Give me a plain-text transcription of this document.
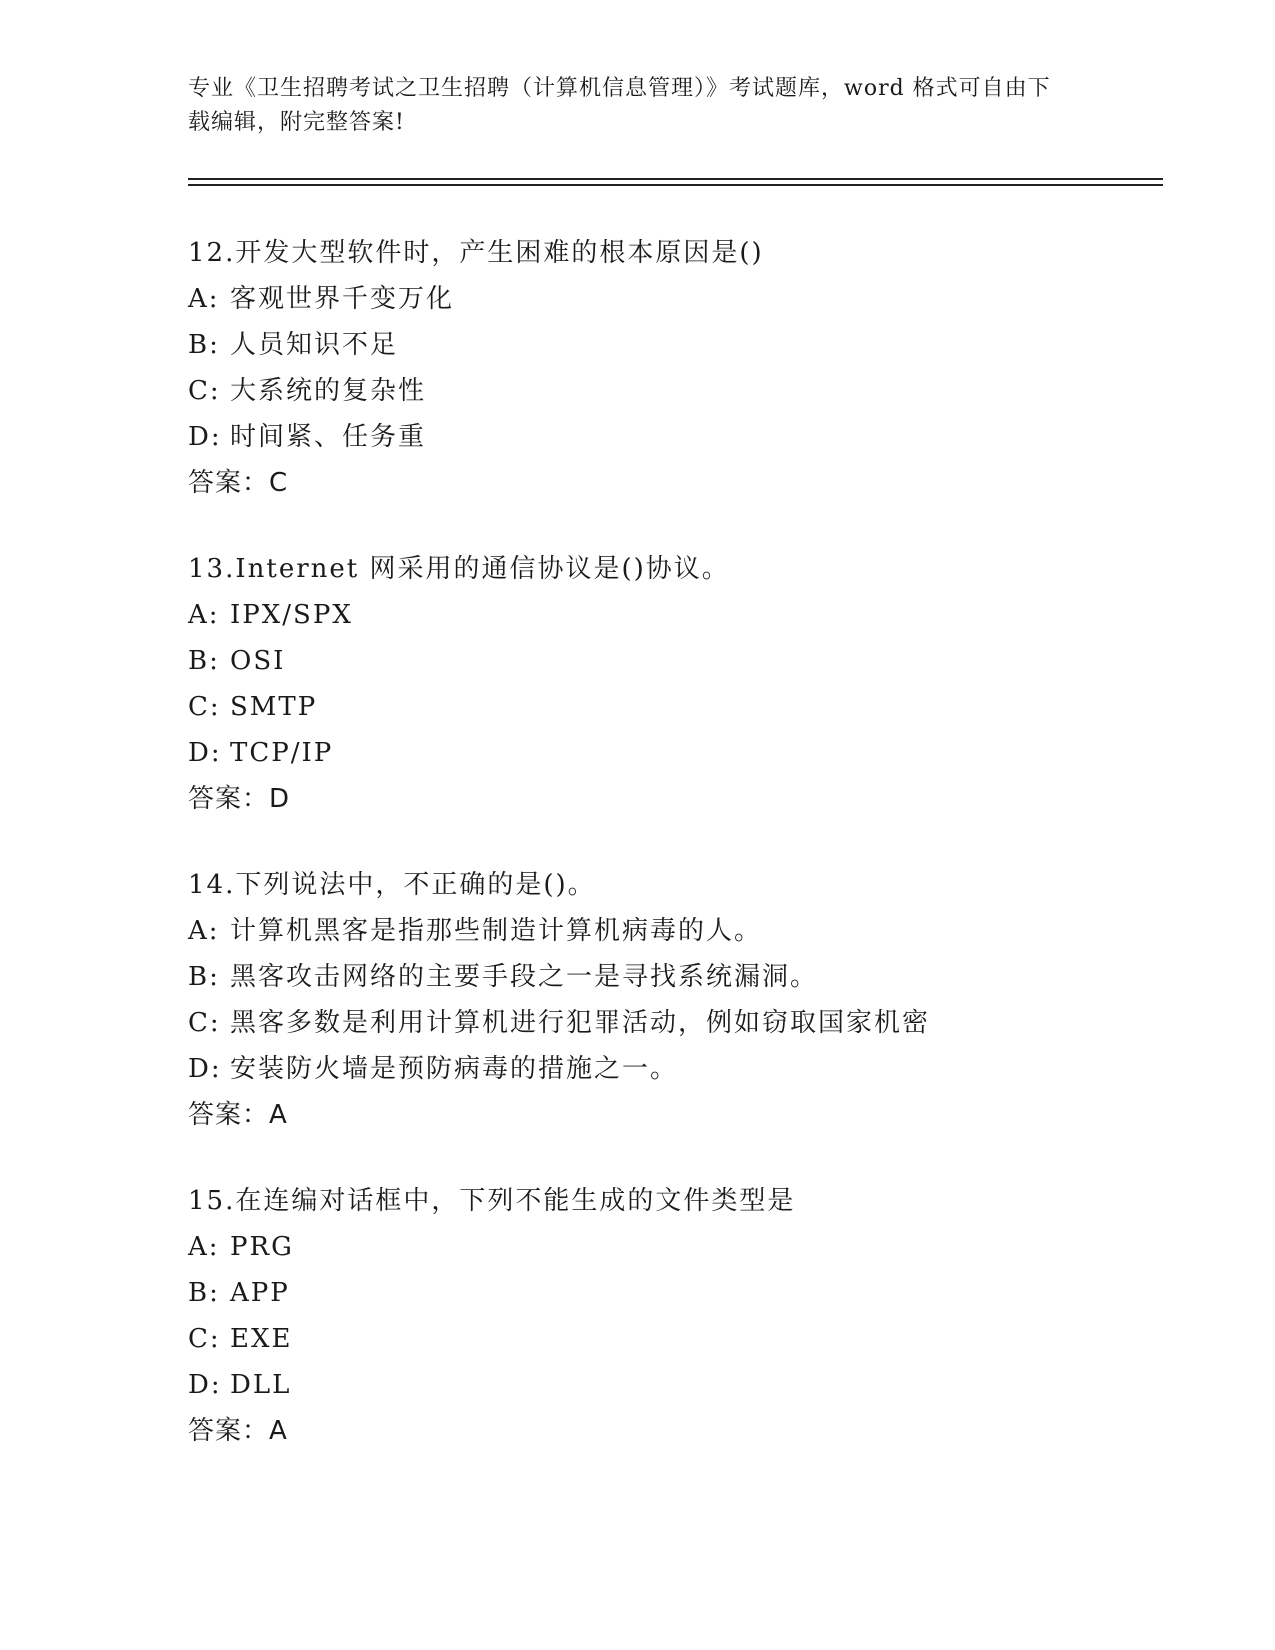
专业《卫生招聘考试之卫生招聘（计算机信息管理）》考试题库，word 格式可自由下载编辑，附完整答案!
12.开发大型软件时，产生困难的根本原因是()
A: 客观世界千变万化
B: 人员知识不足
C: 大系统的复杂性
D: 时间紧、任务重
答案：C
13.Internet 网采用的通信协议是()协议。
A: IPX/SPX
B: OSI
C: SMTP
D: TCP/IP
答案：D
14.下列说法中，不正确的是()。
A: 计算机黑客是指那些制造计算机病毒的人。
B: 黑客攻击网络的主要手段之一是寻找系统漏洞。
C: 黑客多数是利用计算机进行犯罪活动，例如窃取国家机密
D: 安装防火墙是预防病毒的措施之一。
答案：A
15.在连编对话框中，下列不能生成的文件类型是
A: PRG
B: APP
C: EXE
D: DLL
答案：A
